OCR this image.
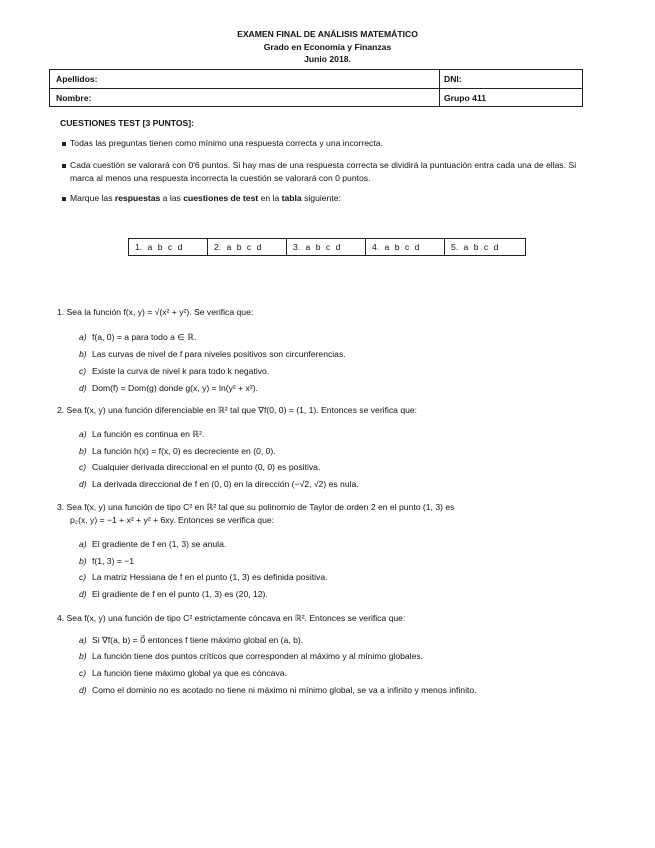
EXAMEN FINAL DE ANÁLISIS MATEMÁTICO
Grado en Economía y Finanzas
Junio 2018.
Apellidos:	DNI:
Nombre:	Grupo 411
CUESTIONES TEST [3 PUNTOS]:
Todas las preguntas tienen como mínimo una respuesta correcta y una incorrecta.
Cada cuestión se valorará con 0'6 puntos. Si hay mas de una respuesta correcta se dividirá la puntuación entra cada una de ellas. Si marca al menos una respuesta incorrecta la cuestión se valorará con 0 puntos.
Marque las respuestas a las cuestiones de test en la tabla siguiente:
1. a b c d	2. a b c d	3. a b c d	4. a b c d	5. a b c d
1. Sea la función f(x, y) = √(x² + y²). Se verifica que:
a) f(a, 0) = a para todo a ∈ ℝ.
b) Las curvas de nivel de f para niveles positivos son circunferencias.
c) Existe la curva de nivel k para todo k negativo.
d) Dom(f) = Dom(g) donde g(x, y) = ln(y² + x²).
2. Sea f(x, y) una función diferenciable en ℝ² tal que ∇f(0, 0) = (1, 1). Entonces se verifica que:
a) La función es continua en ℝ².
b) La función h(x) = f(x, 0) es decreciente en (0, 0).
c) Cualquier derivada direccional en el punto (0, 0) es positiva.
d) La derivada direccional de f en (0, 0) en la dirección (−√2, √2) es nula.
3. Sea f(x, y) una función de tipo C² en ℝ² tal que su polinomio de Taylor de orden 2 en el punto (1, 3) es
p₂(x, y) = −1 + x² + y² + 6xy. Entonces se verifica que:
a) El gradiente de f en (1, 3) se anula.
b) f(1, 3) = −1
c) La matriz Hessiana de f en el punto (1, 3) es definida positiva.
d) El gradiente de f en el punto (1, 3) es (20, 12).
4. Sea f(x, y) una función de tipo C² estrictamente cóncava en ℝ². Entonces se verifica que:
a) Si ∇f(a, b) = 0⃗ entonces f tiene máximo global en (a, b).
b) La función tiene dos puntos críticos que corresponden al máximo y al mínimo globales.
c) La función tiene máximo global ya que es cóncava.
d) Como el dominio no es acotado no tiene ni máximo ni mínimo global, se va a infinito y menos infinito.
